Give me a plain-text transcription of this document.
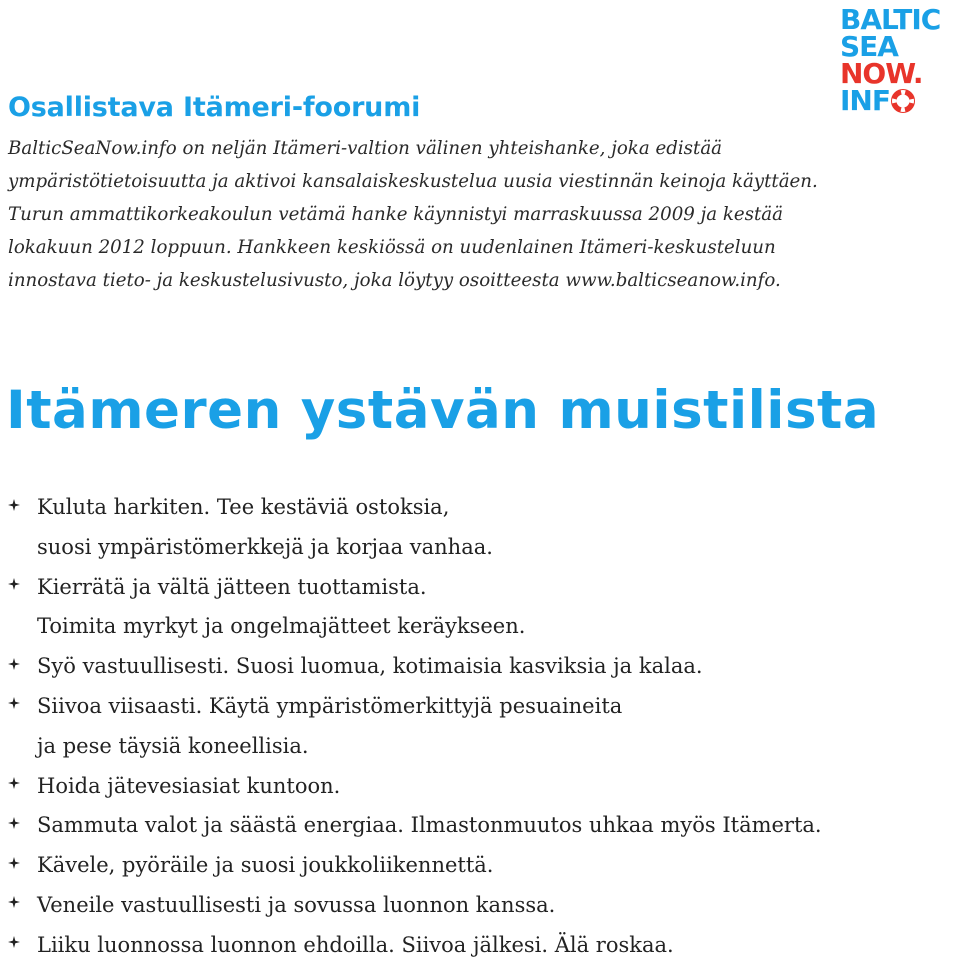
BALTIC
SEA
NOW.
INF
Osallistava Itämeri-foorumi
BalticSeaNow.info on neljän Itämeri-valtion välinen yhteishanke, joka edistää
ympäristötietoisuutta ja aktivoi kansalaiskeskustelua uusia viestinnän keinoja käyttäen.
Turun ammattikorkeakoulun vetämä hanke käynnistyi marraskuussa 2009 ja kestää
lokakuun 2012 loppuun. Hankkeen keskiössä on uudenlainen Itämeri-keskusteluun
innostava tieto- ja keskustelusivusto, joka löytyy osoitteesta www.balticseanow.info.
Itämeren ystävän muistilista
Kuluta harkiten. Tee kestäviä ostoksia,
suosi ympäristömerkkejä ja korjaa vanhaa.
Kierrätä ja vältä jätteen tuottamista.
Toimita myrkyt ja ongelmajätteet keräykseen.
Syö vastuullisesti. Suosi luomua, kotimaisia kasviksia ja kalaa.
Siivoa viisaasti. Käytä ympäristömerkittyjä pesuaineita
ja pese täysiä koneellisia.
Hoida jätevesiasiat kuntoon.
Sammuta valot ja säästä energiaa. Ilmastonmuutos uhkaa myös Itämerta.
Kävele, pyöräile ja suosi joukkoliikennettä.
Veneile vastuullisesti ja sovussa luonnon kanssa.
Liiku luonnossa luonnon ehdoilla. Siivoa jälkesi. Älä roskaa.
